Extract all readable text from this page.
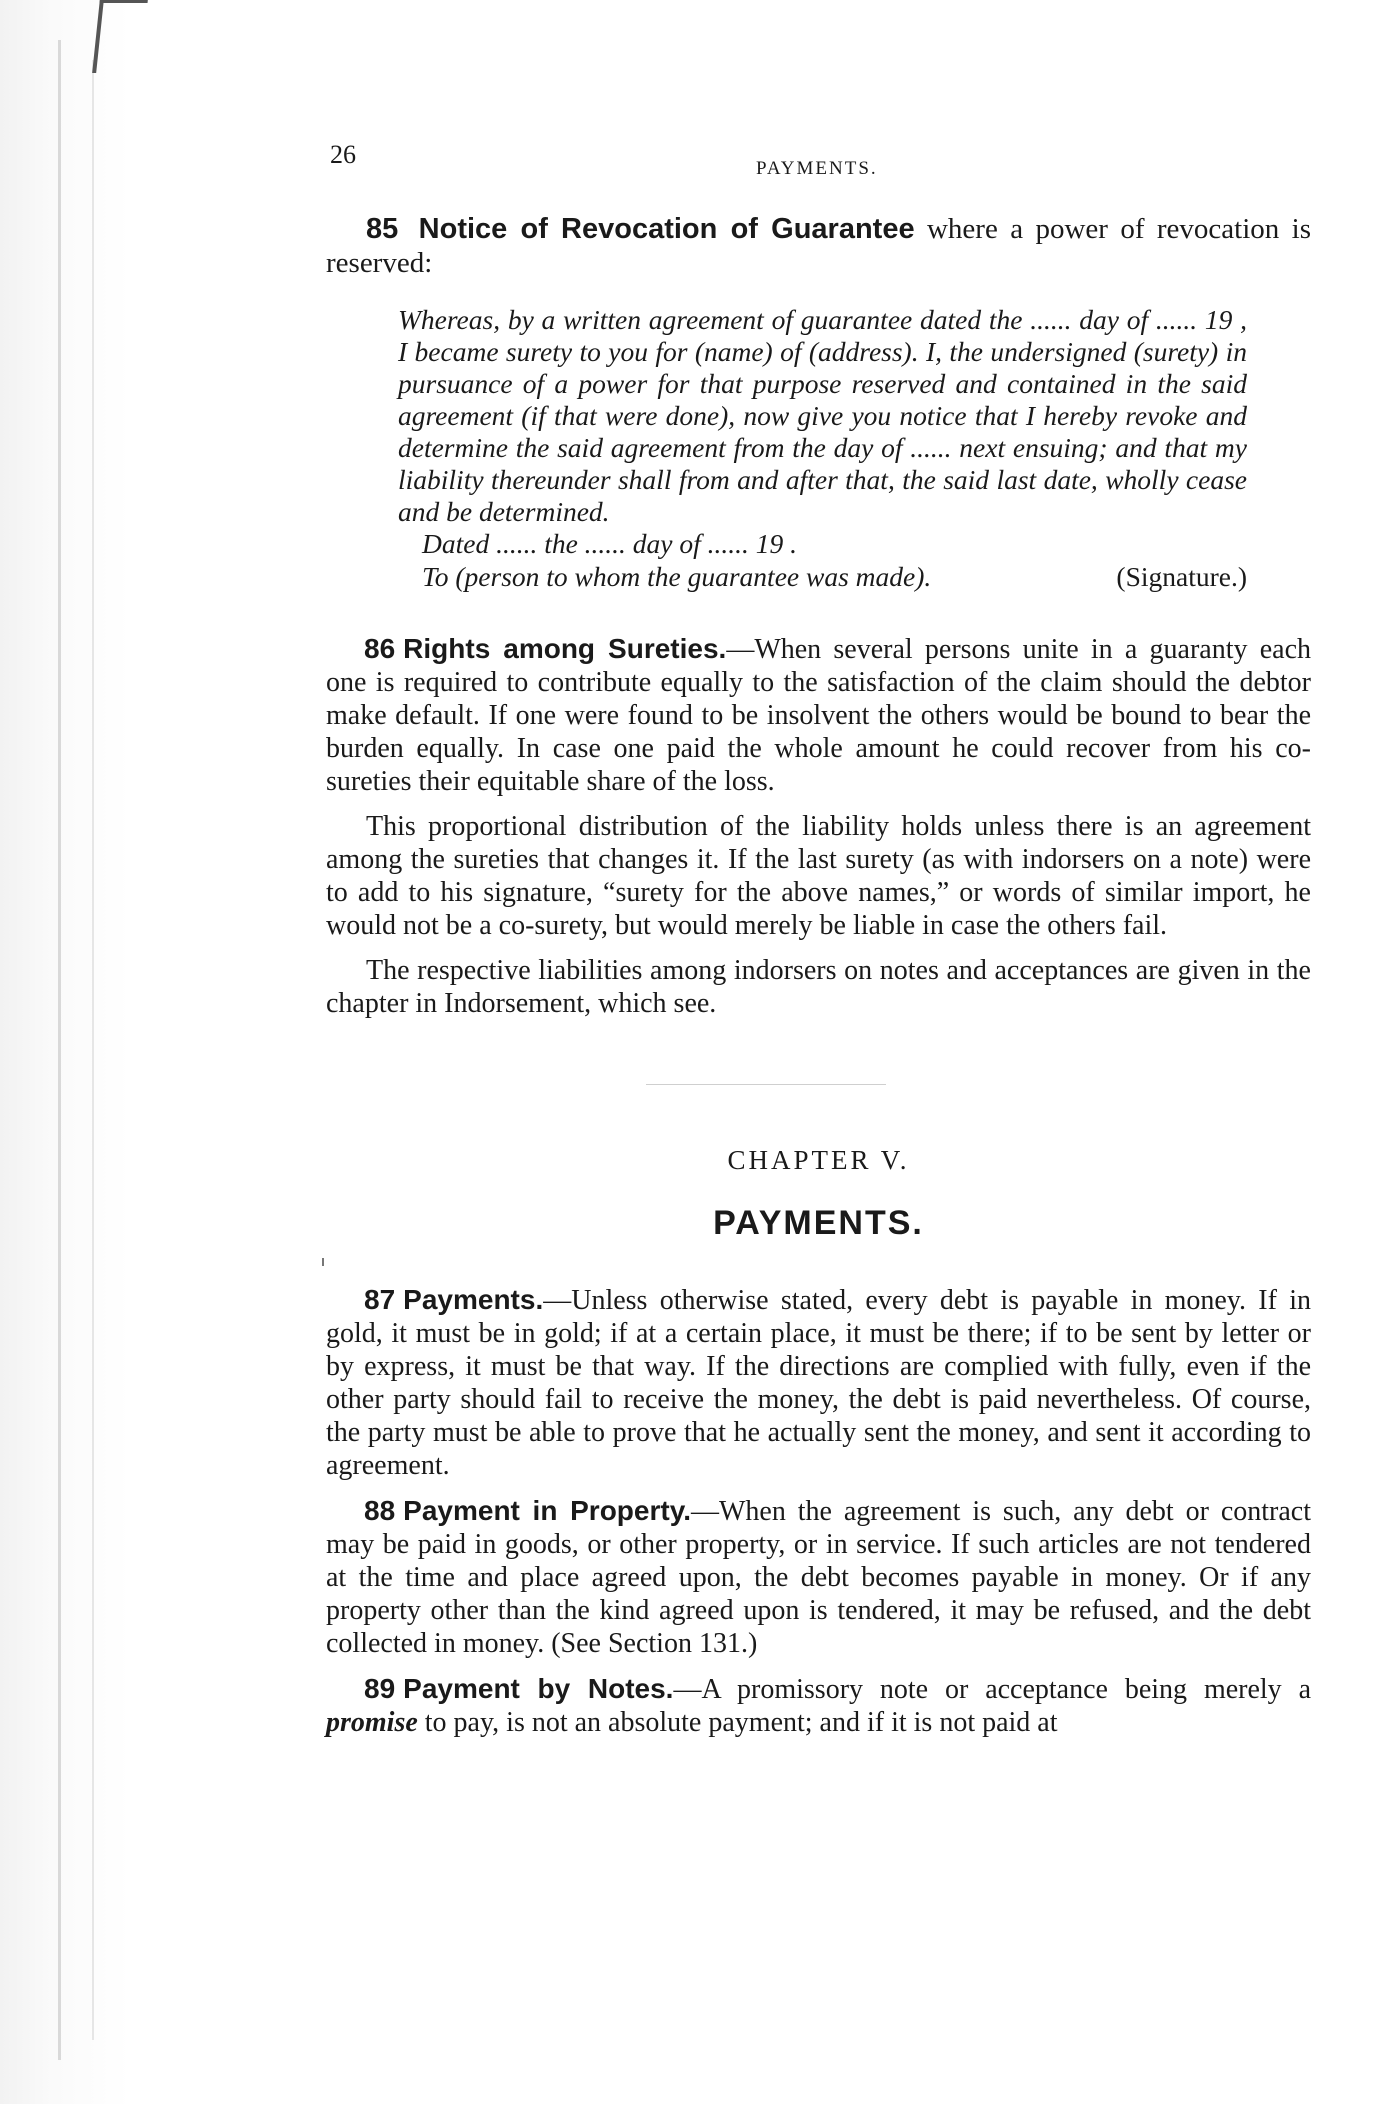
26	PAYMENTS.
85 Notice of Revocation of Guarantee where a power of revocation is reserved:
Whereas, by a written agreement of guarantee dated the ...... day of ...... 19 , I became surety to you for (name) of (address). I, the undersigned (surety) in pursuance of a power for that purpose reserved and contained in the said agreement (if that were done), now give you notice that I hereby revoke and determine the said agreement from the day of ...... next ensuing; and that my liability thereunder shall from and after that, the said last date, wholly cease and be determined.
Dated ...... the ...... day of ...... 19 .
To (person to whom the guarantee was made).	(Signature.)
86 Rights among Sureties.—When several persons unite in a guaranty each one is required to contribute equally to the satisfaction of the claim should the debtor make default. If one were found to be insolvent the others would be bound to bear the burden equally. In case one paid the whole amount he could recover from his co-sureties their equitable share of the loss.
This proportional distribution of the liability holds unless there is an agreement among the sureties that changes it. If the last surety (as with indorsers on a note) were to add to his signature, “surety for the above names,” or words of similar import, he would not be a co-surety, but would merely be liable in case the others fail.
The respective liabilities among indorsers on notes and acceptances are given in the chapter in Indorsement, which see.
CHAPTER V.
PAYMENTS.
87 Payments.—Unless otherwise stated, every debt is payable in money. If in gold, it must be in gold; if at a certain place, it must be there; if to be sent by letter or by express, it must be that way. If the directions are complied with fully, even if the other party should fail to receive the money, the debt is paid nevertheless. Of course, the party must be able to prove that he actually sent the money, and sent it according to agreement.
88 Payment in Property.—When the agreement is such, any debt or contract may be paid in goods, or other property, or in service. If such articles are not tendered at the time and place agreed upon, the debt becomes payable in money. Or if any property other than the kind agreed upon is tendered, it may be refused, and the debt collected in money. (See Section 131.)
89 Payment by Notes.—A promissory note or acceptance being merely a promise to pay, is not an absolute payment; and if it is not paid at
